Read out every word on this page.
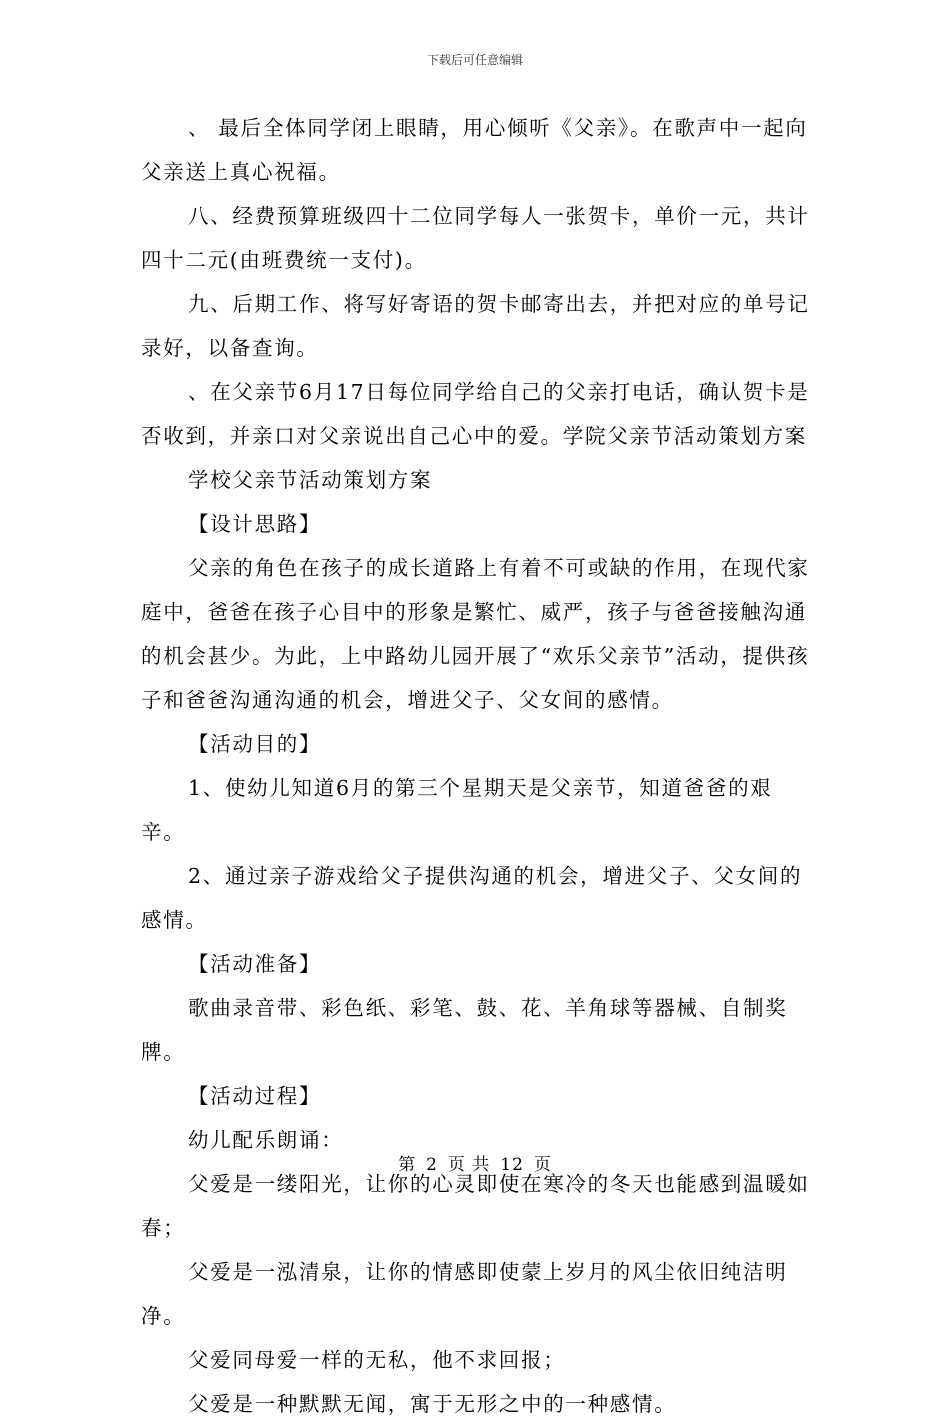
下载后可任意编辑

、 最后全体同学闭上眼睛，用心倾听《父亲》。在歌声中一起向父亲送上真心祝福。

八、经费预算班级四十二位同学每人一张贺卡，单价一元，共计四十二元(由班费统一支付)。

九、后期工作、将写好寄语的贺卡邮寄出去，并把对应的单号记录好，以备查询。

、在父亲节6月17日每位同学给自己的父亲打电话，确认贺卡是否收到，并亲口对父亲说出自己心中的爱。学院父亲节活动策划方案

学校父亲节活动策划方案

【设计思路】

父亲的角色在孩子的成长道路上有着不可或缺的作用，在现代家庭中，爸爸在孩子心目中的形象是繁忙、威严，孩子与爸爸接触沟通的机会甚少。为此，上中路幼儿园开展了“欢乐父亲节”活动，提供孩子和爸爸沟通沟通的机会，增进父子、父女间的感情。

【活动目的】

1、使幼儿知道6月的第三个星期天是父亲节，知道爸爸的艰辛。

2、通过亲子游戏给父子提供沟通的机会，增进父子、父女间的感情。

【活动准备】

歌曲录音带、彩色纸、彩笔、鼓、花、羊角球等器械、自制奖牌。

【活动过程】

幼儿配乐朗诵：

父爱是一缕阳光，让你的心灵即使在寒冷的冬天也能感到温暖如春；

父爱是一泓清泉，让你的情感即使蒙上岁月的风尘依旧纯洁明净。

父爱同母爱一样的无私，他不求回报；

父爱是一种默默无闻，寓于无形之中的一种感情。

第 2 页 共 12 页
